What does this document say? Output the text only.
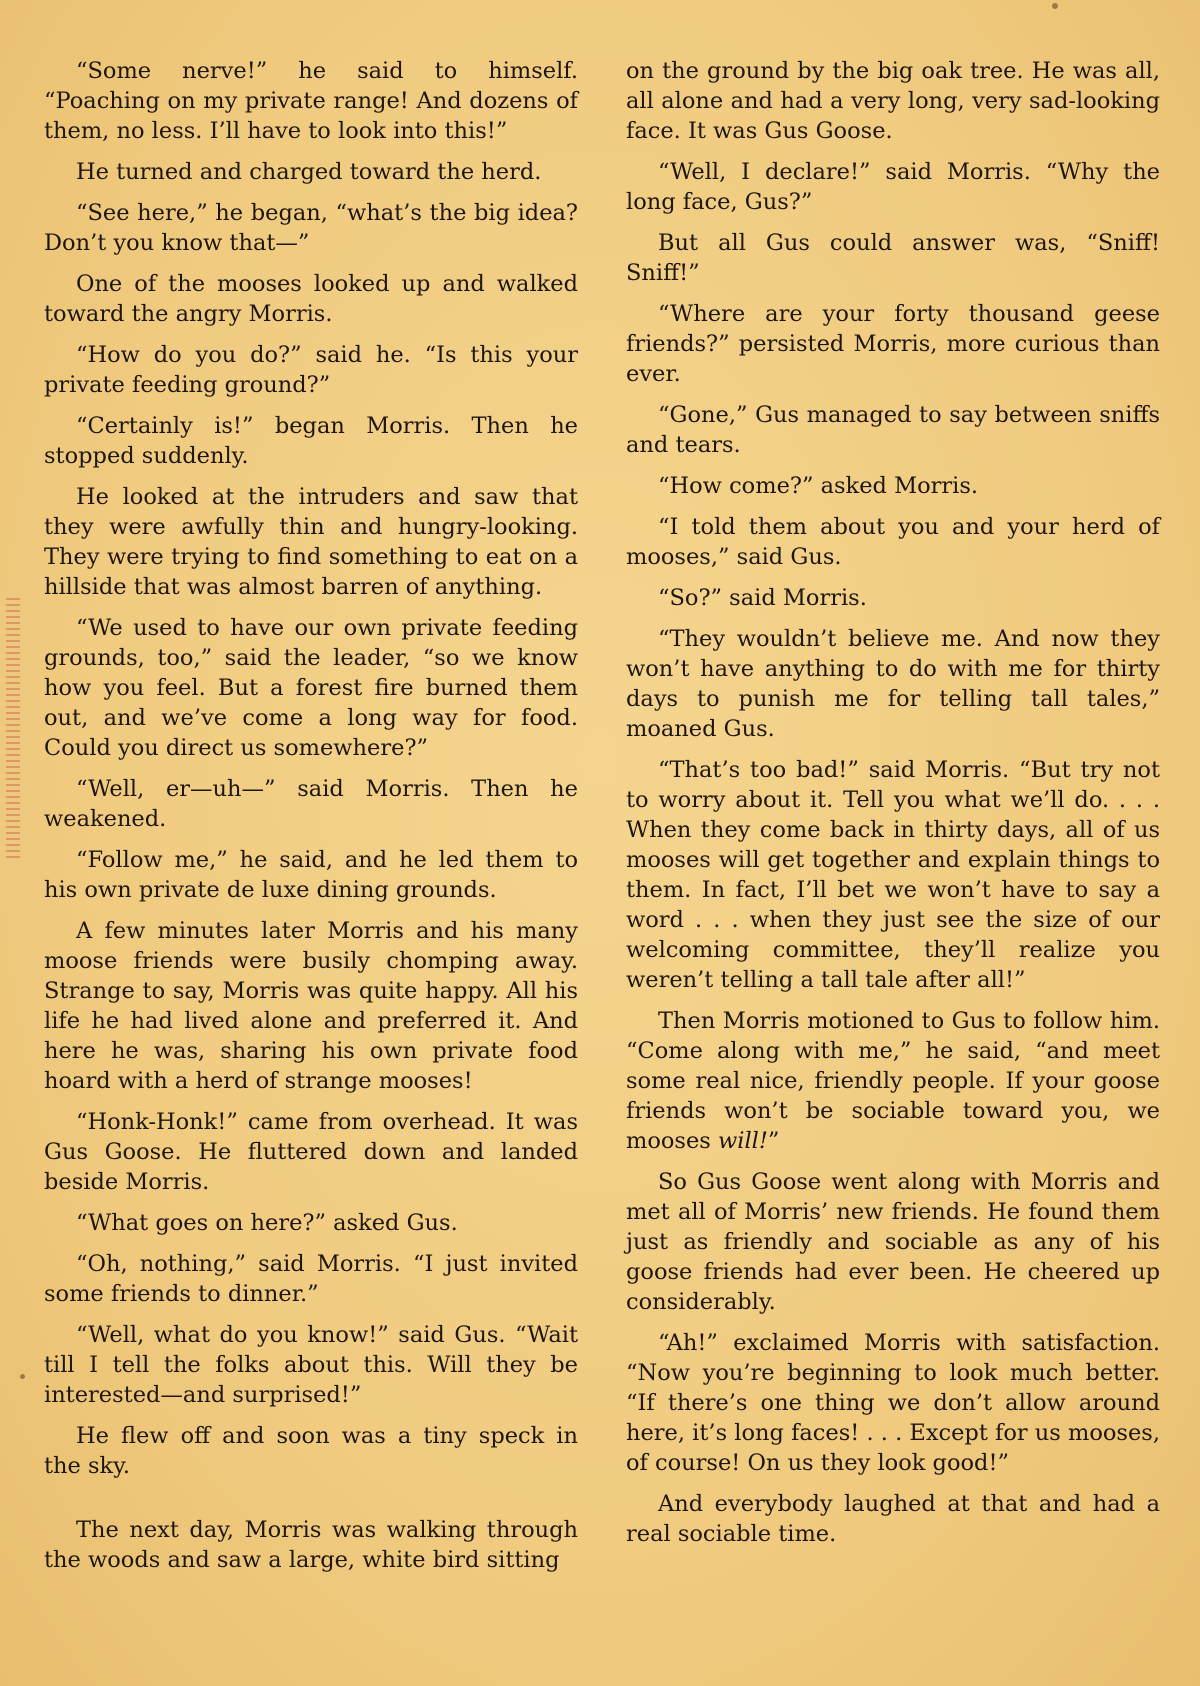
“Some nerve!” he said to himself. “Poaching on my private range! And dozens of them, no less. I’ll have to look into this!”

He turned and charged toward the herd.

“See here,” he began, “what’s the big idea? Don’t you know that—”

One of the mooses looked up and walked toward the angry Morris.

“How do you do?” said he. “Is this your private feeding ground?”

“Certainly is!” began Morris. Then he stopped suddenly.

He looked at the intruders and saw that they were awfully thin and hungry-looking. They were trying to find something to eat on a hillside that was almost barren of anything.

“We used to have our own private feeding grounds, too,” said the leader, “so we know how you feel. But a forest fire burned them out, and we’ve come a long way for food. Could you direct us somewhere?”

“Well, er—uh—” said Morris. Then he weakened.

“Follow me,” he said, and he led them to his own private de luxe dining grounds.

A few minutes later Morris and his many moose friends were busily chomping away. Strange to say, Morris was quite happy. All his life he had lived alone and preferred it. And here he was, sharing his own private food hoard with a herd of strange mooses!

“Honk-Honk!” came from overhead. It was Gus Goose. He fluttered down and landed beside Morris.

“What goes on here?” asked Gus.

“Oh, nothing,” said Morris. “I just invited some friends to dinner.”

“Well, what do you know!” said Gus. “Wait till I tell the folks about this. Will they be interested—and surprised!”

He flew off and soon was a tiny speck in the sky.

The next day, Morris was walking through the woods and saw a large, white bird sitting

on the ground by the big oak tree. He was all, all alone and had a very long, very sad-looking face. It was Gus Goose.

“Well, I declare!” said Morris. “Why the long face, Gus?”

But all Gus could answer was, “Sniff! Sniff!”

“Where are your forty thousand geese friends?” persisted Morris, more curious than ever.

“Gone,” Gus managed to say between sniffs and tears.

“How come?” asked Morris.

“I told them about you and your herd of mooses,” said Gus.

“So?” said Morris.

“They wouldn’t believe me. And now they won’t have anything to do with me for thirty days to punish me for telling tall tales,” moaned Gus.

“That’s too bad!” said Morris. “But try not to worry about it. Tell you what we’ll do. . . . When they come back in thirty days, all of us mooses will get together and explain things to them. In fact, I’ll bet we won’t have to say a word . . . when they just see the size of our welcoming committee, they’ll realize you weren’t telling a tall tale after all!”

Then Morris motioned to Gus to follow him. “Come along with me,” he said, “and meet some real nice, friendly people. If your goose friends won’t be sociable toward you, we mooses will!”

So Gus Goose went along with Morris and met all of Morris’ new friends. He found them just as friendly and sociable as any of his goose friends had ever been. He cheered up considerably.

“Ah!” exclaimed Morris with satisfaction. “Now you’re beginning to look much better. “If there’s one thing we don’t allow around here, it’s long faces! . . . Except for us mooses, of course! On us they look good!”

And everybody laughed at that and had a real sociable time.
